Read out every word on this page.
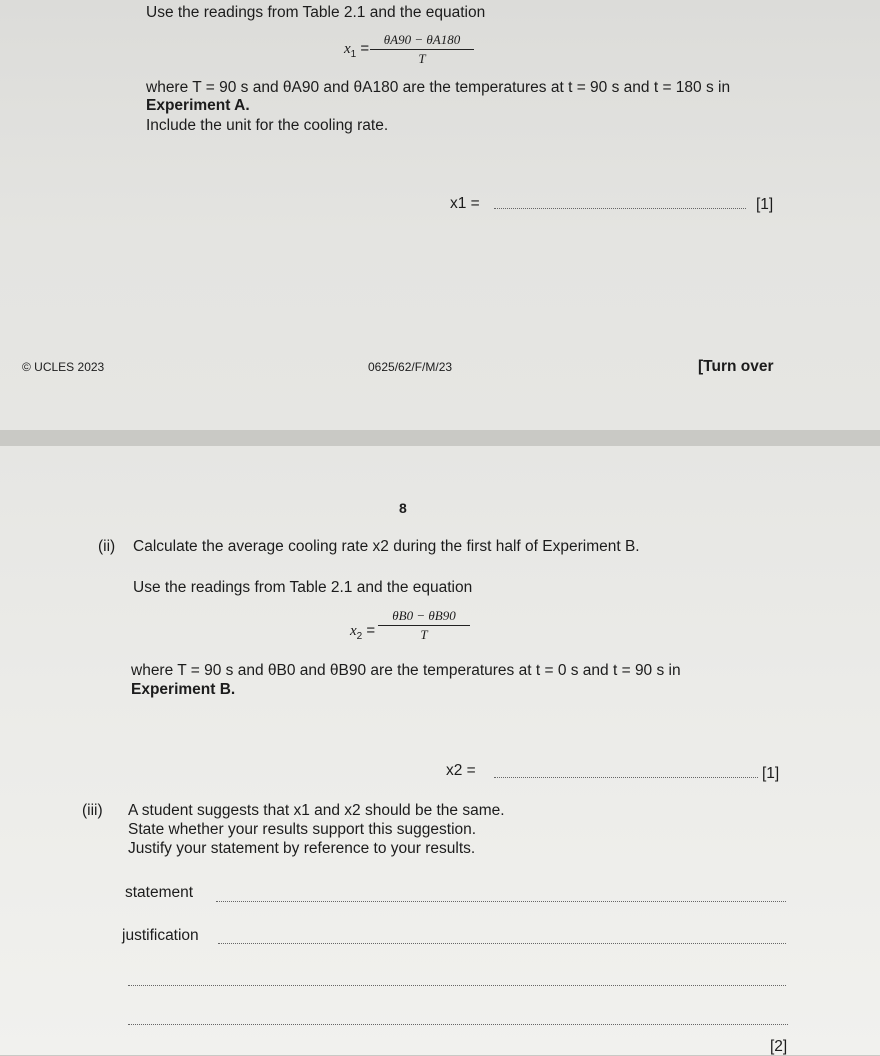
Use the readings from Table 2.1 and the equation
$x_1 = \frac{\theta A90 - \theta A180}{T}$
where T = 90 s and θA90 and θA180 are the temperatures at t = 90 s and t = 180 s in
Experiment A.
Include the unit for the cooling rate.
x1 =	[1]
© UCLES 2023	0625/62/F/M/23	[Turn over
8
(ii) Calculate the average cooling rate x2 during the first half of Experiment B.
Use the readings from Table 2.1 and the equation
$x_2 = \frac{\theta B0 - \theta B90}{T}$
where T = 90 s and θB0 and θB90 are the temperatures at t = 0 s and t = 90 s in
Experiment B.
x2 =	[1]
(iii) A student suggests that x1 and x2 should be the same.
State whether your results support this suggestion.
Justify your statement by reference to your results.
statement
justification
[2]
